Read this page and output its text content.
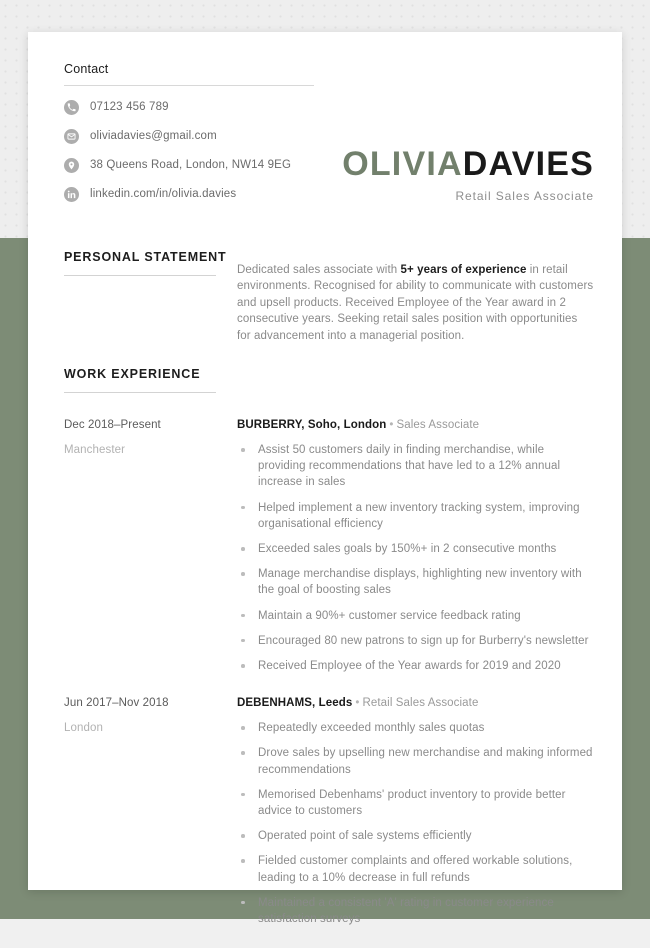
Contact
07123 456 789
oliviadavies@gmail.com
38 Queens Road, London, NW14 9EG
linkedin.com/in/olivia.davies
OLIVIADAVIES
Retail Sales Associate
PERSONAL STATEMENT

Dedicated sales associate with 5+ years of experience in retail environments. Recognised for ability to communicate with customers and upsell products. Received Employee of the Year award in 2 consecutive years. Seeking retail sales position with opportunities for advancement into a managerial position.

WORK EXPERIENCE
Dec 2018–Present
Manchester
BURBERRY, Soho, London • Sales Associate
Assist 50 customers daily in finding merchandise, while providing recommendations that have led to a 12% annual increase in sales
Helped implement a new inventory tracking system, improving organisational efficiency
Exceeded sales goals by 150%+ in 2 consecutive months
Manage merchandise displays, highlighting new inventory with the goal of boosting sales
Maintain a 90%+ customer service feedback rating
Encouraged 80 new patrons to sign up for Burberry's newsletter
Received Employee of the Year awards for 2019 and 2020
Jun 2017–Nov 2018
London
DEBENHAMS, Leeds • Retail Sales Associate
Repeatedly exceeded monthly sales quotas
Drove sales by upselling new merchandise and making informed recommendations
Memorised Debenhams' product inventory to provide better advice to customers
Operated point of sale systems efficiently
Fielded customer complaints and offered workable solutions, leading to a 10% decrease in full refunds
Maintained a consistent 'A' rating in customer experience satisfaction surveys
